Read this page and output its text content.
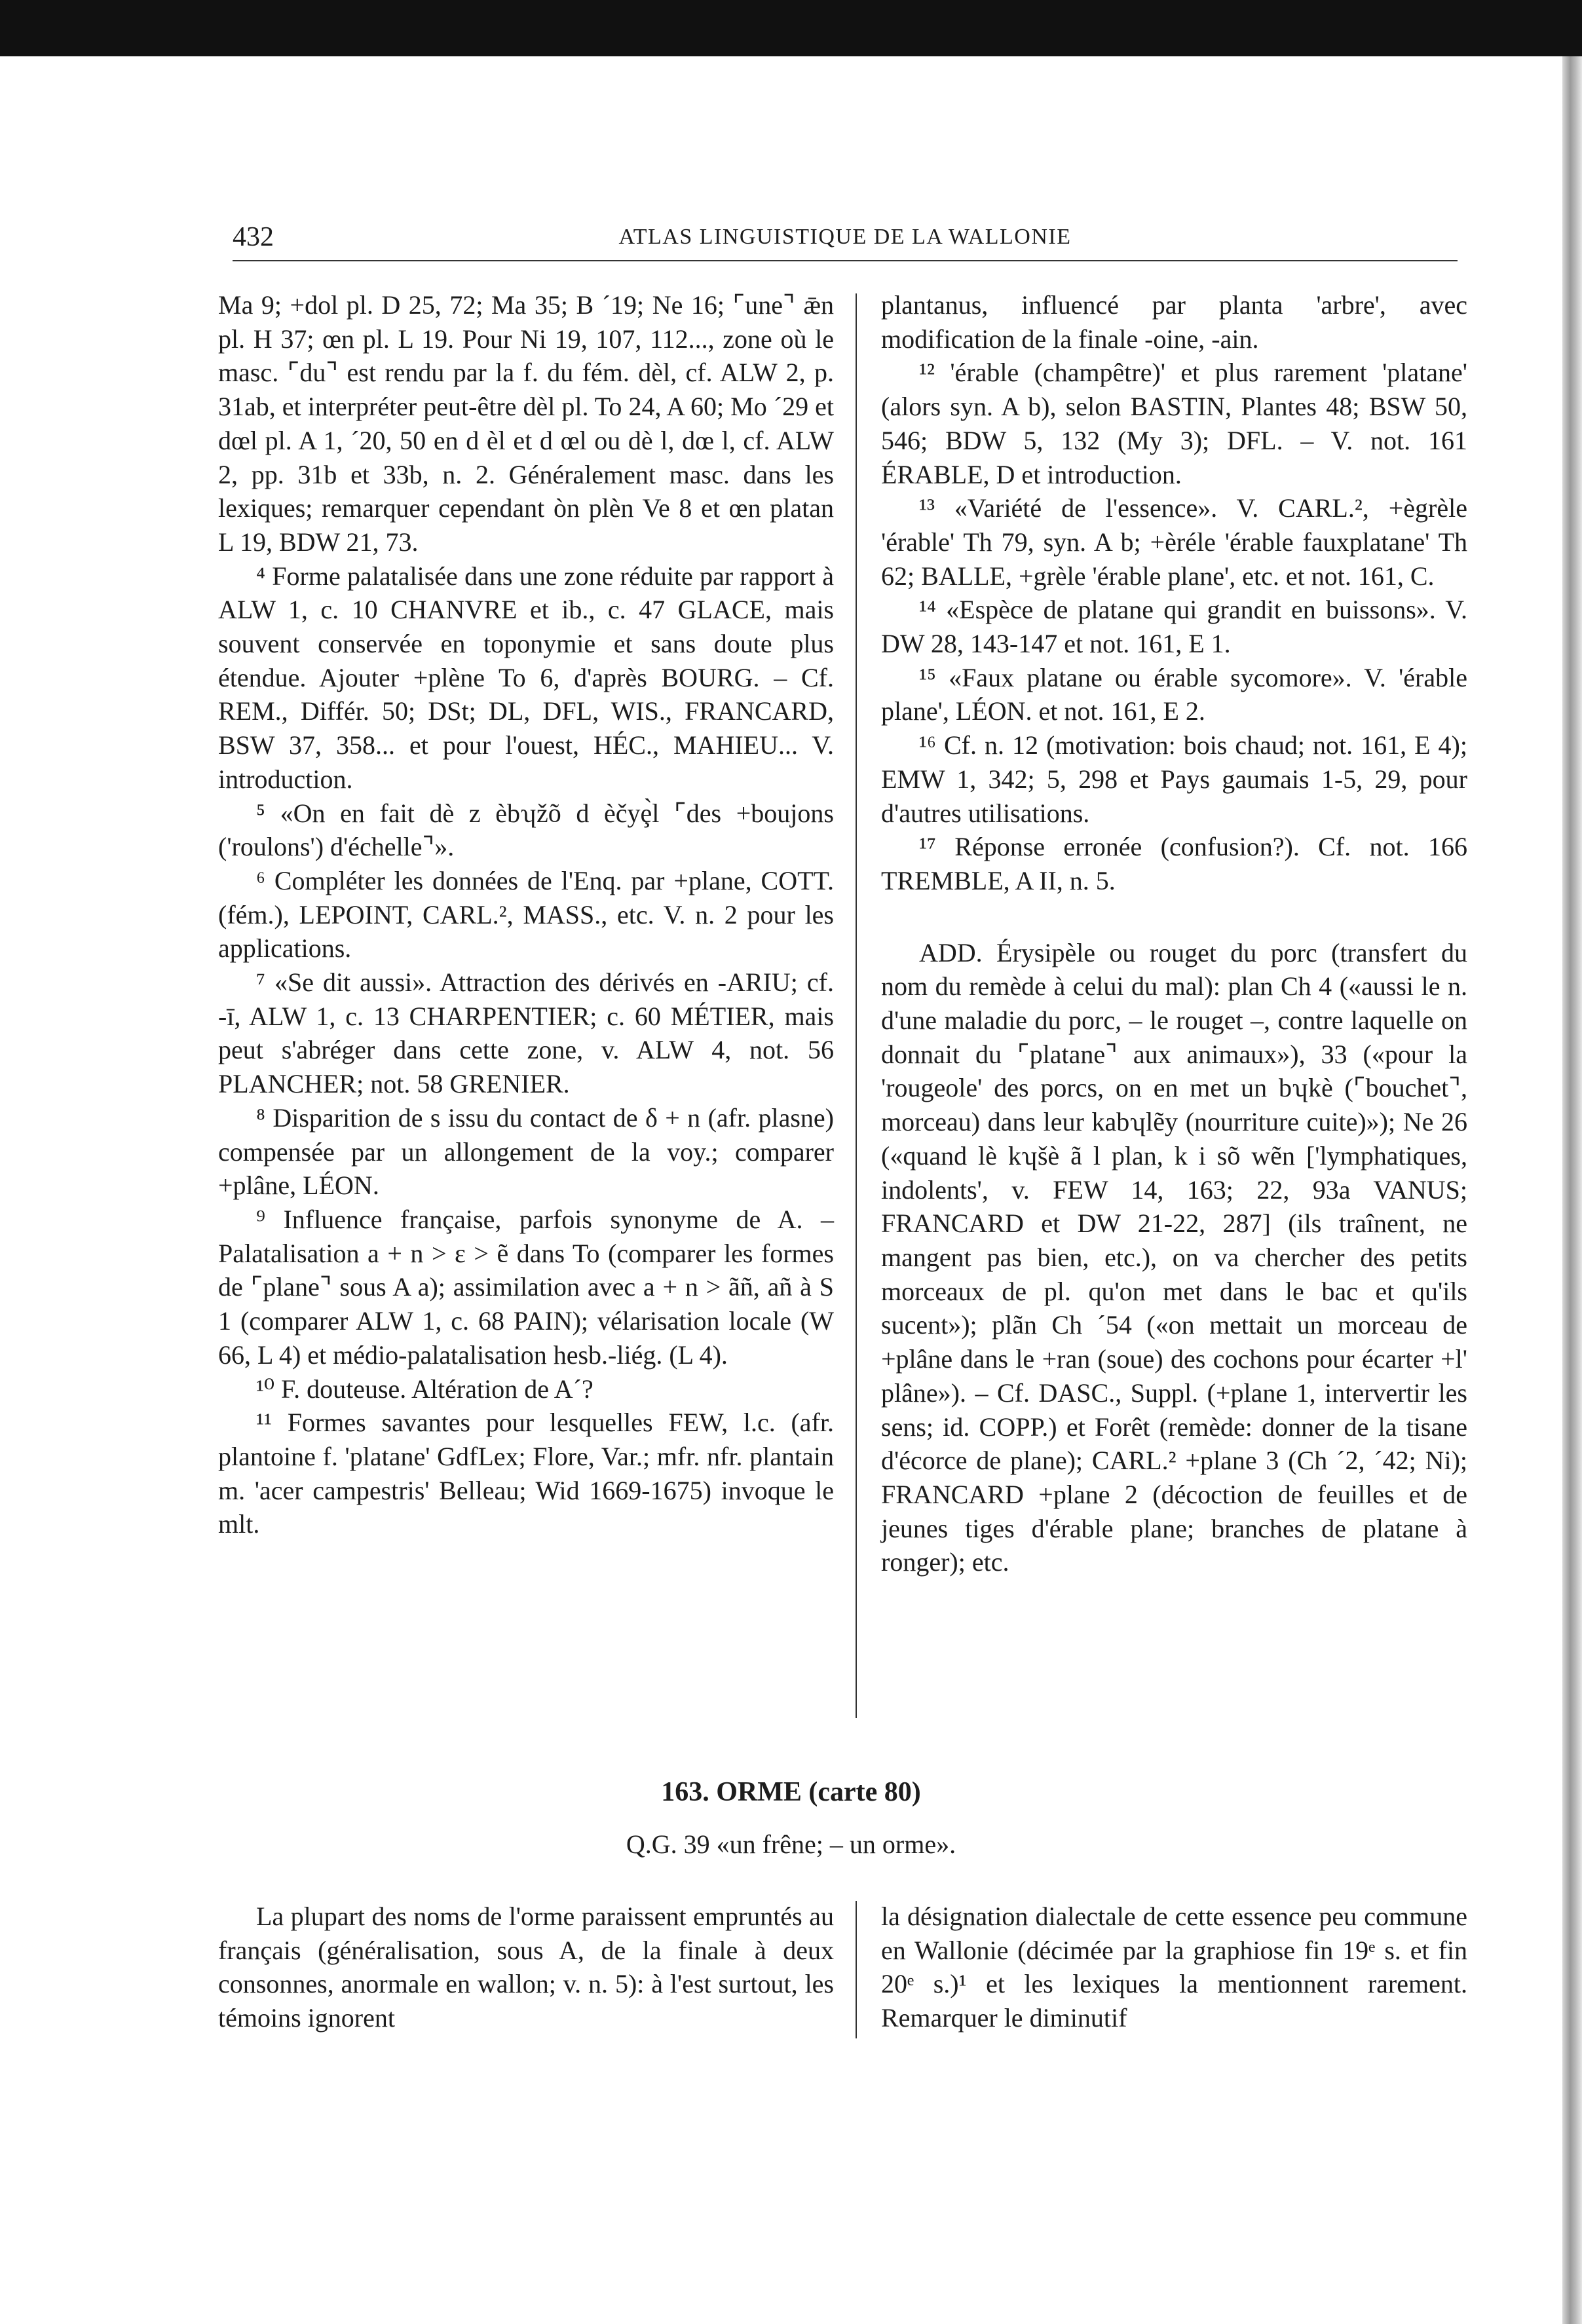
432	ATLAS LINGUISTIQUE DE LA WALLONIE

Ma 9; +dol pl. D 25, 72; Ma 35; B ´19; Ne 16; ⌜une⌝ ǣn pl. H 37; œn pl. L 19. Pour Ni 19, 107, 112..., zone où le masc. ⌜du⌝ est rendu par la f. du fém. dèl, cf. ALW 2, p. 31ab, et interpréter peut-être dèl pl. To 24, A 60; Mo ´29 et dœl pl. A 1, ´20, 50 en d èl et d œl ou dè l, dœ l, cf. ALW 2, pp. 31b et 33b, n. 2. Généralement masc. dans les lexiques; remarquer cependant òn plèn Ve 8 et œn platan L 19, BDW 21, 73.

⁴ Forme palatalisée dans une zone réduite par rapport à ALW 1, c. 10 CHANVRE et ib., c. 47 GLACE, mais souvent conservée en toponymie et sans doute plus étendue. Ajouter +plène To 6, d'après BOURG. – Cf. REM., Différ. 50; DSt; DL, DFL, WIS., FRANCARD, BSW 37, 358... et pour l'ouest, HÉC., MAHIEU... V. introduction.

⁵ «On en fait dè z èbʮžõ d èčyȩ̀l ⌜des +boujons ('roulons') d'échelle⌝».

⁶ Compléter les données de l'Enq. par +plane, COTT. (fém.), LEPOINT, CARL.², MASS., etc. V. n. 2 pour les applications.

⁷ «Se dit aussi». Attraction des dérivés en -ARIU; cf. -ī, ALW 1, c. 13 CHARPENTIER; c. 60 MÉTIER, mais peut s'abréger dans cette zone, v. ALW 4, not. 56 PLANCHER; not. 58 GRENIER.

⁸ Disparition de s issu du contact de δ + n (afr. plasne) compensée par un allongement de la voy.; comparer +plâne, LÉON.

⁹ Influence française, parfois synonyme de A. – Palatalisation a + n > ɛ > ẽ dans To (comparer les formes de ⌜plane⌝ sous A a); assimilation avec a + n > ãñ, añ à S 1 (comparer ALW 1, c. 68 PAIN); vélarisation locale (W 66, L 4) et médio-palatalisation hesb.-liég. (L 4).

¹⁰ F. douteuse. Altération de A´?

¹¹ Formes savantes pour lesquelles FEW, l.c. (afr. plantoine f. 'platane' GdfLex; Flore, Var.; mfr. nfr. plantain m. 'acer campestris' Belleau; Wid 1669-1675) invoque le mlt.

plantanus, influencé par planta 'arbre', avec modification de la finale -oine, -ain.

¹² 'érable (champêtre)' et plus rarement 'platane' (alors syn. A b), selon BASTIN, Plantes 48; BSW 50, 546; BDW 5, 132 (My 3); DFL. – V. not. 161 ÉRABLE, D et introduction.

¹³ «Variété de l'essence». V. CARL.², +ègrèle 'érable' Th 79, syn. A b; +èréle 'érable fauxplatane' Th 62; BALLE, +grèle 'érable plane', etc. et not. 161, C.

¹⁴ «Espèce de platane qui grandit en buissons». V. DW 28, 143-147 et not. 161, E 1.

¹⁵ «Faux platane ou érable sycomore». V. 'érable plane', LÉON. et not. 161, E 2.

¹⁶ Cf. n. 12 (motivation: bois chaud; not. 161, E 4); EMW 1, 342; 5, 298 et Pays gaumais 1-5, 29, pour d'autres utilisations.

¹⁷ Réponse erronée (confusion?). Cf. not. 166 TREMBLE, A II, n. 5.

ADD. Érysipèle ou rouget du porc (transfert du nom du remède à celui du mal): plan Ch 4 («aussi le n. d'une maladie du porc, – le rouget –, contre laquelle on donnait du ⌜platane⌝ aux animaux»), 33 («pour la 'rougeole' des porcs, on en met un bʮkè (⌜bouchet⌝, morceau) dans leur kabʮlẽy (nourriture cuite)»); Ne 26 («quand lè kʮšè ã l plan, k i sõ wẽn ['lymphatiques, indolents', v. FEW 14, 163; 22, 93a VANUS; FRANCARD et DW 21-22, 287] (ils traînent, ne mangent pas bien, etc.), on va chercher des petits morceaux de pl. qu'on met dans le bac et qu'ils sucent»); plãn Ch ´54 («on mettait un morceau de +plâne dans le +ran (soue) des cochons pour écarter +l' plâne»). – Cf. DASC., Suppl. (+plane 1, intervertir les sens; id. COPP.) et Forêt (remède: donner de la tisane d'écorce de plane); CARL.² +plane 3 (Ch ´2, ´42; Ni); FRANCARD +plane 2 (décoction de feuilles et de jeunes tiges d'érable plane; branches de platane à ronger); etc.

163. ORME (carte 80)
Q.G. 39 «un frêne; – un orme».

La plupart des noms de l'orme paraissent empruntés au français (généralisation, sous A, de la finale à deux consonnes, anormale en wallon; v. n. 5): à l'est surtout, les témoins ignorent

la désignation dialectale de cette essence peu commune en Wallonie (décimée par la graphiose fin 19ᵉ s. et fin 20ᵉ s.)¹ et les lexiques la mentionnent rarement. Remarquer le diminutif
